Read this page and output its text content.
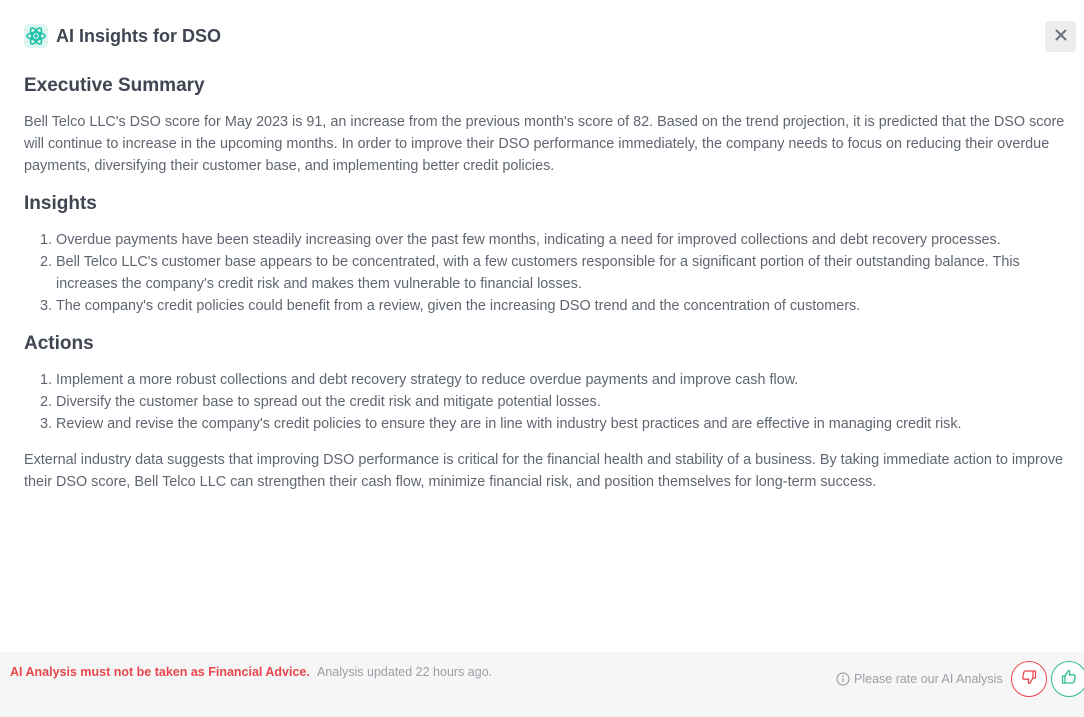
AI Insights for DSO
Executive Summary

Bell Telco LLC's DSO score for May 2023 is 91, an increase from the previous month's score of 82. Based on the trend projection, it is predicted that the DSO score will continue to increase in the upcoming months. In order to improve their DSO performance immediately, the company needs to focus on reducing their overdue payments, diversifying their customer base, and implementing better credit policies.

Insights
1. Overdue payments have been steadily increasing over the past few months, indicating a need for improved collections and debt recovery processes.
2. Bell Telco LLC's customer base appears to be concentrated, with a few customers responsible for a significant portion of their outstanding balance. This increases the company's credit risk and makes them vulnerable to financial losses.
3. The company's credit policies could benefit from a review, given the increasing DSO trend and the concentration of customers.
Actions
1. Implement a more robust collections and debt recovery strategy to reduce overdue payments and improve cash flow.
2. Diversify the customer base to spread out the credit risk and mitigate potential losses.
3. Review and revise the company's credit policies to ensure they are in line with industry best practices and are effective in managing credit risk.

External industry data suggests that improving DSO performance is critical for the financial health and stability of a business. By taking immediate action to improve their DSO score, Bell Telco LLC can strengthen their cash flow, minimize financial risk, and position themselves for long-term success.

AI Analysis must not be taken as Financial Advice. Analysis updated 22 hours ago.	Please rate our AI Analysis
